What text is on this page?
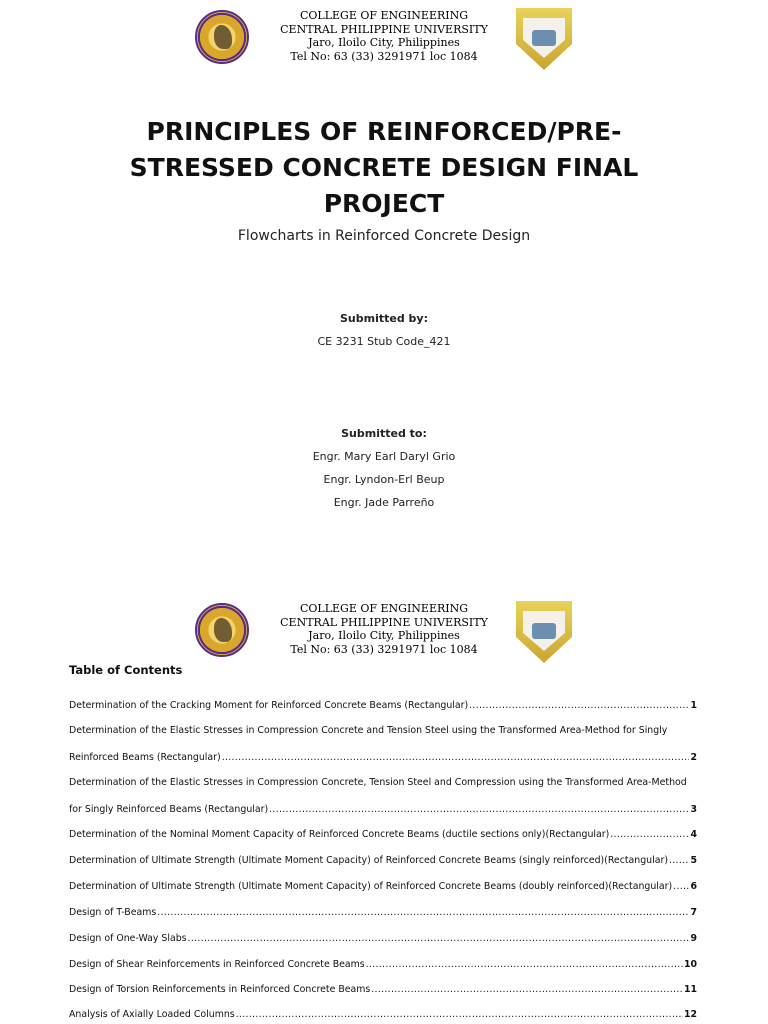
COLLEGE OF ENGINEERING
CENTRAL PHILIPPINE UNIVERSITY
Jaro, Iloilo City, Philippines
Tel No: 63 (33) 3291971 loc 1084
PRINCIPLES OF REINFORCED/PRE-STRESSED CONCRETE DESIGN FINAL PROJECT
Flowcharts in Reinforced Concrete Design
Submitted by:
CE 3231 Stub Code_421
Submitted to:
Engr. Mary Earl Daryl Grio
Engr. Lyndon-Erl Beup
Engr. Jade Parreño
COLLEGE OF ENGINEERING
CENTRAL PHILIPPINE UNIVERSITY
Jaro, Iloilo City, Philippines
Tel No: 63 (33) 3291971 loc 1084
Table of Contents
Determination of the Cracking Moment for Reinforced Concrete Beams (Rectangular) .....	1
Determination of the Elastic Stresses in Compression Concrete and Tension Steel using the Transformed Area-Method for Singly
Reinforced Beams (Rectangular) .....	2
Determination of the Elastic Stresses in Compression Concrete, Tension Steel and Compression using the Transformed Area-Method
for Singly Reinforced Beams (Rectangular) .....	3
Determination of the Nominal Moment Capacity of Reinforced Concrete Beams (ductile sections only)(Rectangular) .....	4
Determination of Ultimate Strength (Ultimate Moment Capacity) of Reinforced Concrete Beams (singly reinforced)(Rectangular) ..... 5
Determination of Ultimate Strength (Ultimate Moment Capacity) of Reinforced Concrete Beams (doubly reinforced)(Rectangular) ..... 6
Design of T-Beams .....	7
Design of One-Way Slabs .....	9
Design of Shear Reinforcements in Reinforced Concrete Beams .....	10
Design of Torsion Reinforcements in Reinforced Concrete Beams .....	11
Analysis of Axially Loaded Columns .....	12
